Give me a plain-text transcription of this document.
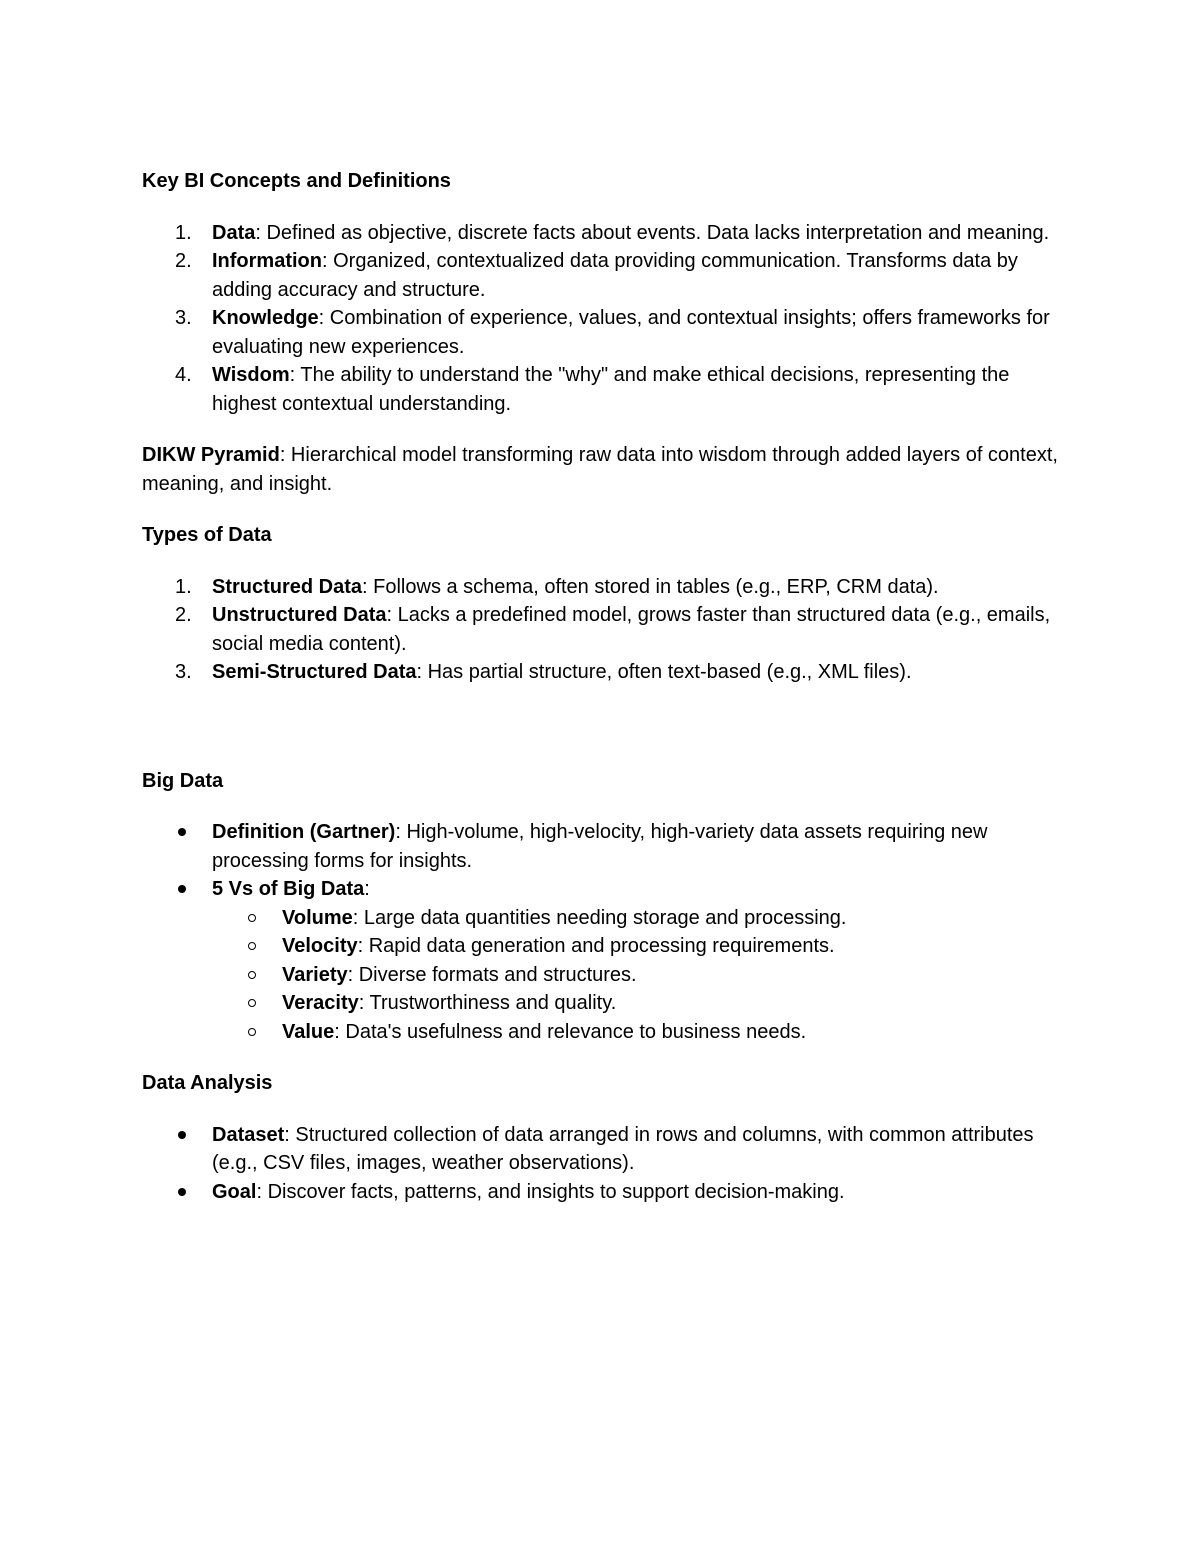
Key BI Concepts and Definitions

1. Data: Defined as objective, discrete facts about events. Data lacks interpretation and meaning.
2. Information: Organized, contextualized data providing communication. Transforms data by adding accuracy and structure.
3. Knowledge: Combination of experience, values, and contextual insights; offers frameworks for evaluating new experiences.
4. Wisdom: The ability to understand the "why" and make ethical decisions, representing the highest contextual understanding.

DIKW Pyramid: Hierarchical model transforming raw data into wisdom through added layers of context, meaning, and insight.

Types of Data

1. Structured Data: Follows a schema, often stored in tables (e.g., ERP, CRM data).
2. Unstructured Data: Lacks a predefined model, grows faster than structured data (e.g., emails, social media content).
3. Semi-Structured Data: Has partial structure, often text-based (e.g., XML files).

Big Data

Definition (Gartner): High-volume, high-velocity, high-variety data assets requiring new processing forms for insights.
5 Vs of Big Data:
Volume: Large data quantities needing storage and processing.
Velocity: Rapid data generation and processing requirements.
Variety: Diverse formats and structures.
Veracity: Trustworthiness and quality.
Value: Data's usefulness and relevance to business needs.

Data Analysis

Dataset: Structured collection of data arranged in rows and columns, with common attributes (e.g., CSV files, images, weather observations).
Goal: Discover facts, patterns, and insights to support decision-making.
